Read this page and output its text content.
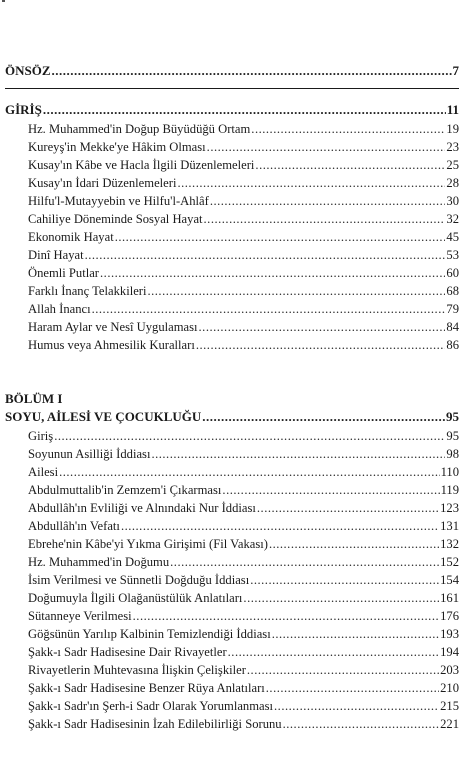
ÖNSÖZ .....	7
GİRİŞ .....	11
Hz. Muhammed'in Doğup Büyüdüğü Ortam .....	19
Kureyş'in Mekke'ye Hâkim Olması .....	23
Kusay'ın Kâbe ve Hacla İlgili Düzenlemeleri .....	25
Kusay'ın İdari Düzenlemeleri .....	28
Hilfu'l-Mutayyebin ve Hilfu'l-Ahlâf .....	30
Cahiliye Döneminde Sosyal Hayat .....	32
Ekonomik Hayat .....	45
Dinî Hayat .....	53
Önemli Putlar .....	60
Farklı İnanç Telakkileri .....	68
Allah İnancı .....	79
Haram Aylar ve Nesî Uygulaması .....	84
Humus veya Ahmesilik Kuralları .....	86
BÖLÜM I
SOYU, AİLESİ VE ÇOCUKLUĞU .....	95
Giriş .....	95
Soyunun Asilliği İddiası .....	98
Ailesi .....	110
Abdulmuttalib'in Zemzem'i Çıkarması .....	119
Abdullâh'ın Evliliği ve Alnındaki Nur İddiası .....	123
Abdullâh'ın Vefatı .....	131
Ebrehe'nin Kâbe'yi Yıkma Girişimi (Fil Vakası) .....	132
Hz. Muhammed'in Doğumu .....	152
İsim Verilmesi ve Sünnetli Doğduğu İddiası .....	154
Doğumuyla İlgili Olağanüstülük Anlatıları .....	161
Sütanneye Verilmesi .....	176
Göğsünün Yarılıp Kalbinin Temizlendiği İddiası .....	193
Şakk-ı Sadr Hadisesine Dair Rivayetler .....	194
Rivayetlerin Muhtevasına İlişkin Çelişkiler .....	203
Şakk-ı Sadr Hadisesine Benzer Rüya Anlatıları .....	210
Şakk-ı Sadr'ın Şerh-i Sadr Olarak Yorumlanması .....	215
Şakk-ı Sadr Hadisesinin İzah Edilebilirliği Sorunu .....	221
